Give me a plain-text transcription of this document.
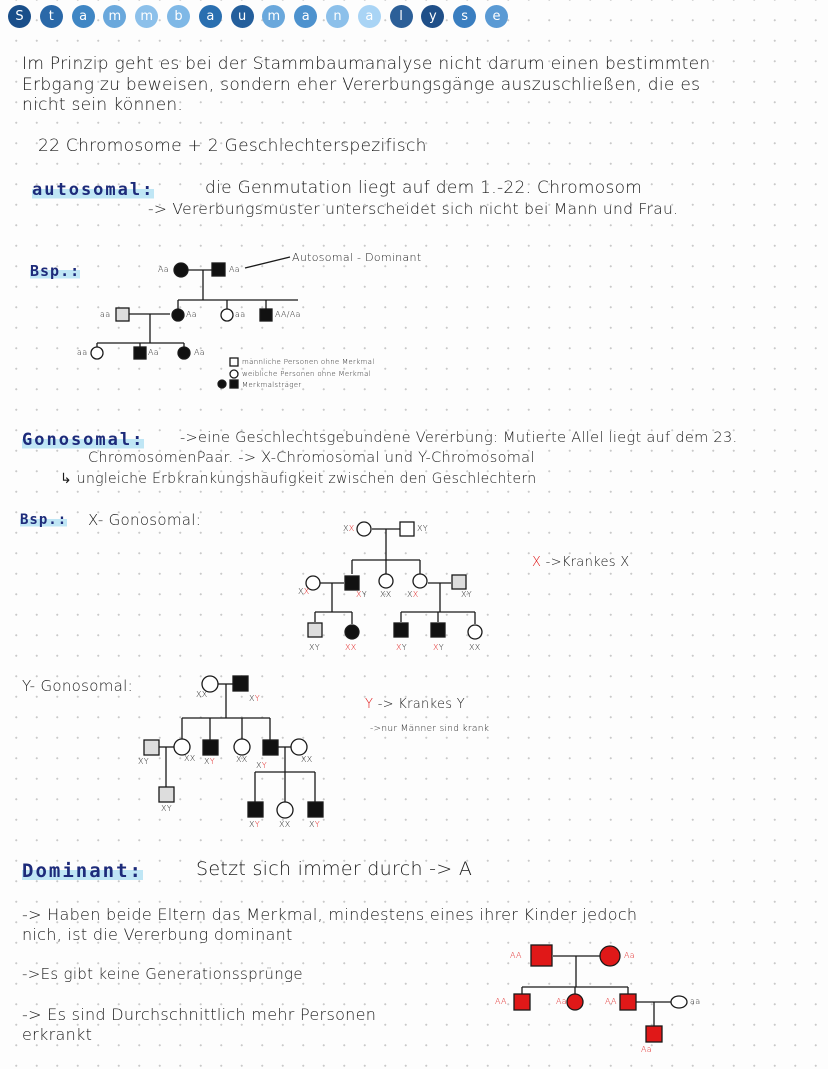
S	t	a	m	m	b	a	u	m	a	n	a	l	y	s	e
Im Prinzip geht es bei der Stammbaumanalyse nicht darum einen bestimmten
Erbgang zu beweisen, sondern eher Vererbungsgänge auszuschließen, die es
nicht sein können.
22 Chromosome + 2 Geschlechterspezifisch
autosomal:	die Genmutation liegt auf dem 1.-22. Chromosom
-> Vererbungsmuster unterscheidet sich nicht bei Mann und Frau.
Bsp.:
Gonosomal: ->eine Geschlechtsgebundene Vererbung: Mutierte Allel liegt auf dem 23.
ChromosomenPaar. -> X-Chromosomal und Y-Chromosomal
↳ ungleiche Erbkrankungshäufigkeit zwischen den Geschlechtern
Bsp.: X- Gonosomal:
X ->Krankes X
Y- Gonosomal:
Y -> Krankes Y
->nur Männer sind krank
Dominant:	Setzt sich immer durch -> A
-> Haben beide Eltern das Merkmal, mindestens eines ihrer Kinder jedoch
nich, ist die Vererbung dominant
->Es gibt keine Generationssprünge
-> Es sind Durchschnittlich mehr Personen
erkrankt
Aa	Aa
Autosomal - Dominant
aa	Aa	aa	AA/Aa
aa	Aa	Aa
männliche Personen ohne Merkmal
weibliche Personen ohne Merkmal
Merkmalsträger
XX	XY
XX	XY XX XX	XY
XY	XX	XY	XY	XX
XX	XY
XY	XX XY	XX
XY
XX
XY
XY XX XY
AA	Aa
AA	Aa	AA	aa
Aa
